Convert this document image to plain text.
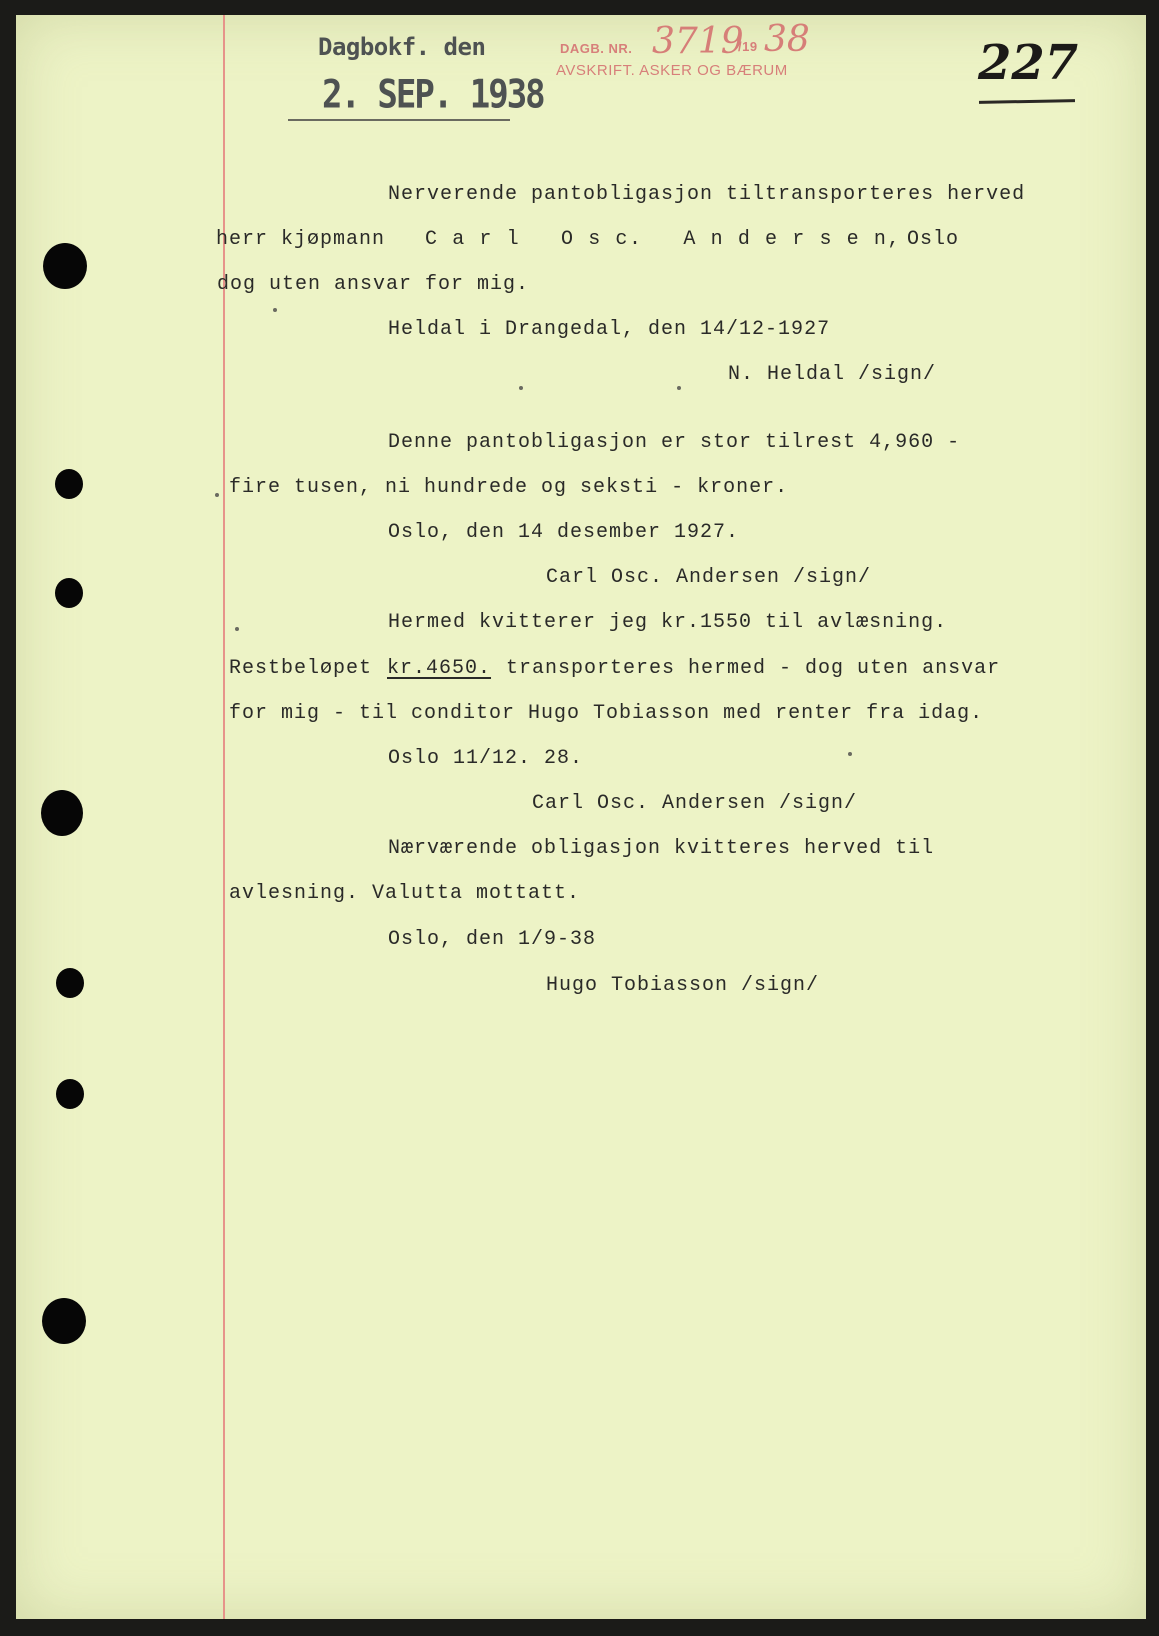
Dagbokf. den
2. SEP. 1938
DAGB. NR. 3719
/19 38
AVSKRIFT. ASKER OG BÆRUM	227
Nerverende pantobligasjon tiltransporteres herved
herr kjøpmann C a r l   O s c.   A n d e r s e n, Oslo
dog uten ansvar for mig.
Heldal i Drangedal, den 14/12-1927
N. Heldal /sign/
Denne pantobligasjon er stor tilrest 4,960 -
fire tusen, ni hundrede og seksti - kroner.
Oslo, den 14 desember 1927.
Carl Osc. Andersen /sign/
Hermed kvitterer jeg kr.1550 til avlæsning.
Restbeløpet kr.4650. transporteres hermed - dog uten ansvar
for mig - til conditor Hugo Tobiasson med renter fra idag.
Oslo 11/12. 28.
Carl Osc. Andersen /sign/
Nærværende obligasjon kvitteres herved til
avlesning. Valutta mottatt.
Oslo, den 1/9-38
Hugo Tobiasson /sign/
